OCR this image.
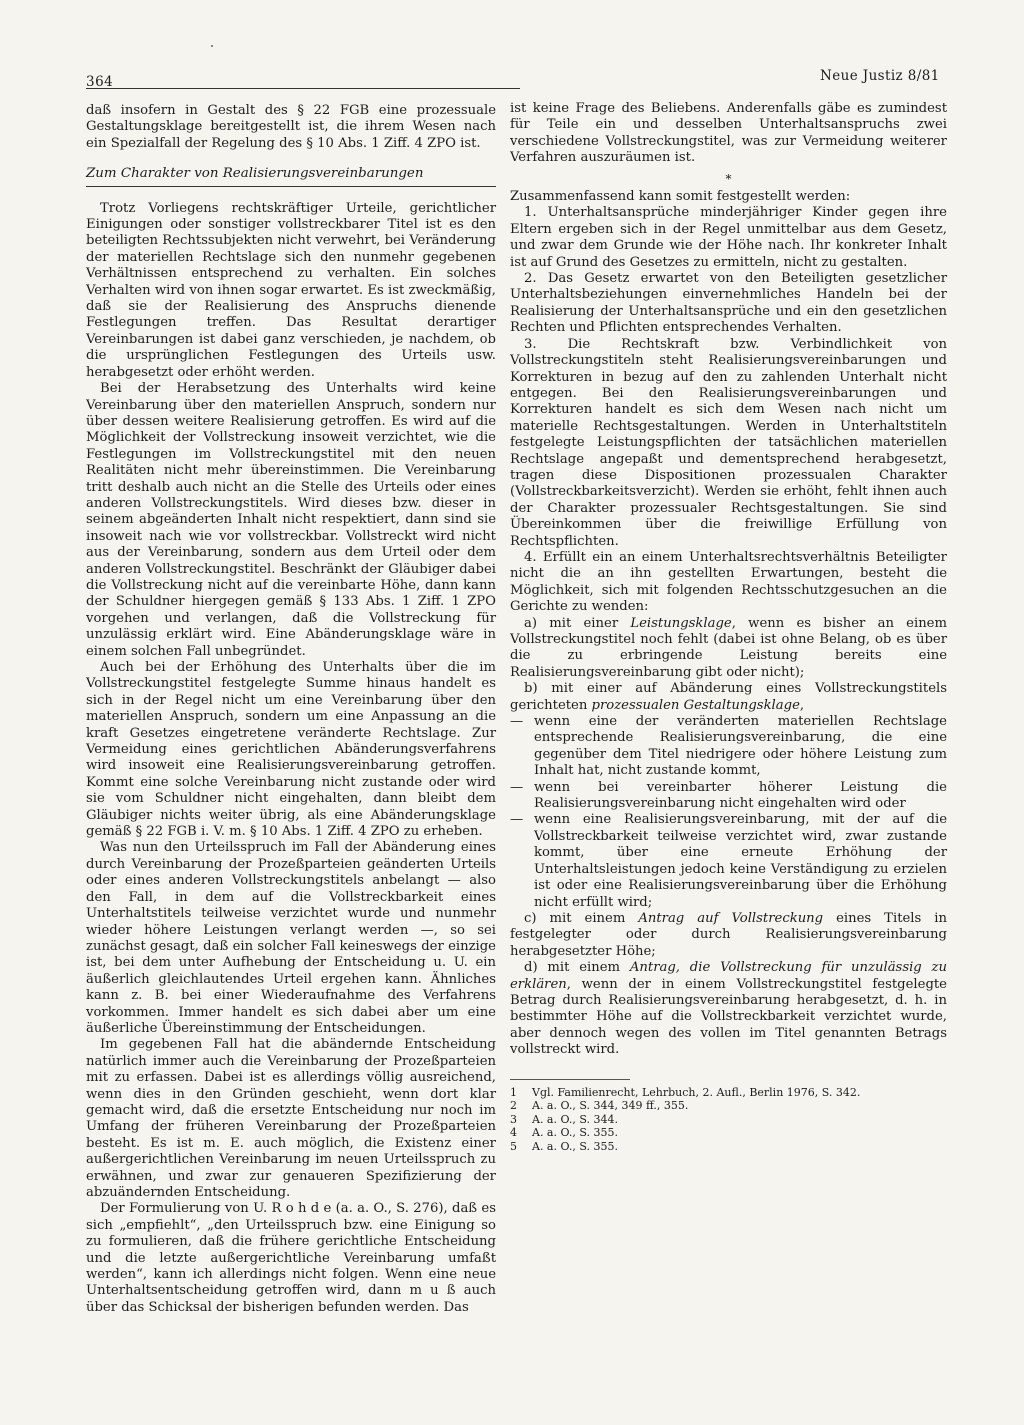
364	Neue Justiz 8/81

daß insofern in Gestalt des § 22 FGB eine prozessuale Gestaltungsklage bereitgestellt ist, die ihrem Wesen nach ein Spezialfall der Regelung des § 10 Abs. 1 Ziff. 4 ZPO ist.

Zum Charakter von Realisierungsvereinbarungen

Trotz Vorliegens rechtskräftiger Urteile, gerichtlicher Einigungen oder sonstiger vollstreckbarer Titel ist es den beteiligten Rechtssubjekten nicht verwehrt, bei Veränderung der materiellen Rechtslage sich den nunmehr gegebenen Verhältnissen entsprechend zu verhalten. Ein solches Verhalten wird von ihnen sogar erwartet. Es ist zweckmäßig, daß sie der Realisierung des Anspruchs dienende Festlegungen treffen. Das Resultat derartiger Vereinbarungen ist dabei ganz verschieden, je nachdem, ob die ursprünglichen Festlegungen des Urteils usw. herabgesetzt oder erhöht werden.

Bei der Herabsetzung des Unterhalts wird keine Vereinbarung über den materiellen Anspruch, sondern nur über dessen weitere Realisierung getroffen. Es wird auf die Möglichkeit der Vollstreckung insoweit verzichtet, wie die Festlegungen im Vollstreckungstitel mit den neuen Realitäten nicht mehr übereinstimmen. Die Vereinbarung tritt deshalb auch nicht an die Stelle des Urteils oder eines anderen Vollstreckungstitels. Wird dieses bzw. dieser in seinem abgeänderten Inhalt nicht respektiert, dann sind sie insoweit nach wie vor vollstreckbar. Vollstreckt wird nicht aus der Vereinbarung, sondern aus dem Urteil oder dem anderen Vollstreckungstitel. Beschränkt der Gläubiger dabei die Vollstreckung nicht auf die vereinbarte Höhe, dann kann der Schuldner hiergegen gemäß § 133 Abs. 1 Ziff. 1 ZPO vorgehen und verlangen, daß die Vollstreckung für unzulässig erklärt wird. Eine Abänderungsklage wäre in einem solchen Fall unbegründet.

Auch bei der Erhöhung des Unterhalts über die im Vollstreckungstitel festgelegte Summe hinaus handelt es sich in der Regel nicht um eine Vereinbarung über den materiellen Anspruch, sondern um eine Anpassung an die kraft Gesetzes eingetretene veränderte Rechtslage. Zur Vermeidung eines gerichtlichen Abänderungsverfahrens wird insoweit eine Realisierungsvereinbarung getroffen. Kommt eine solche Vereinbarung nicht zustande oder wird sie vom Schuldner nicht eingehalten, dann bleibt dem Gläubiger nichts weiter übrig, als eine Abänderungsklage gemäß § 22 FGB i. V. m. § 10 Abs. 1 Ziff. 4 ZPO zu erheben.

Was nun den Urteilsspruch im Fall der Abänderung eines durch Vereinbarung der Prozeßparteien geänderten Urteils oder eines anderen Vollstreckungstitels anbelangt — also den Fall, in dem auf die Vollstreckbarkeit eines Unterhaltstitels teilweise verzichtet wurde und nunmehr wieder höhere Leistungen verlangt werden —, so sei zunächst gesagt, daß ein solcher Fall keineswegs der einzige ist, bei dem unter Aufhebung der Entscheidung u. U. ein äußerlich gleichlautendes Urteil ergehen kann. Ähnliches kann z. B. bei einer Wiederaufnahme des Verfahrens vorkommen. Immer handelt es sich dabei aber um eine äußerliche Übereinstimmung der Entscheidungen.

Im gegebenen Fall hat die abändernde Entscheidung natürlich immer auch die Vereinbarung der Prozeßparteien mit zu erfassen. Dabei ist es allerdings völlig ausreichend, wenn dies in den Gründen geschieht, wenn dort klar gemacht wird, daß die ersetzte Entscheidung nur noch im Umfang der früheren Vereinbarung der Prozeßparteien besteht. Es ist m. E. auch möglich, die Existenz einer außergerichtlichen Vereinbarung im neuen Urteilsspruch zu erwähnen, und zwar zur genaueren Spezifizierung der abzuändernden Entscheidung.

Der Formulierung von U. R o h d e (a. a. O., S. 276), daß es sich „empfiehlt“, „den Urteilsspruch bzw. eine Einigung so zu formulieren, daß die frühere gerichtliche Entscheidung und die letzte außergerichtliche Vereinbarung umfaßt werden“, kann ich allerdings nicht folgen. Wenn eine neue Unterhaltsentscheidung getroffen wird, dann m u ß auch über das Schicksal der bisherigen befunden werden. Das

ist keine Frage des Beliebens. Anderenfalls gäbe es zumindest für Teile ein und desselben Unterhaltsanspruchs zwei verschiedene Vollstreckungstitel, was zur Vermeidung weiterer Verfahren auszuräumen ist.

*

Zusammenfassend kann somit festgestellt werden:

1. Unterhaltsansprüche minderjähriger Kinder gegen ihre Eltern ergeben sich in der Regel unmittelbar aus dem Gesetz, und zwar dem Grunde wie der Höhe nach. Ihr konkreter Inhalt ist auf Grund des Gesetzes zu ermitteln, nicht zu gestalten.

2. Das Gesetz erwartet von den Beteiligten gesetzlicher Unterhaltsbeziehungen einvernehmliches Handeln bei der Realisierung der Unterhaltsansprüche und ein den gesetzlichen Rechten und Pflichten entsprechendes Verhalten.

3. Die Rechtskraft bzw. Verbindlichkeit von Vollstreckungstiteln steht Realisierungsvereinbarungen und Korrekturen in bezug auf den zu zahlenden Unterhalt nicht entgegen. Bei den Realisierungsvereinbarungen und Korrekturen handelt es sich dem Wesen nach nicht um materielle Rechtsgestaltungen. Werden in Unterhaltstiteln festgelegte Leistungspflichten der tatsächlichen materiellen Rechtslage angepaßt und dementsprechend herabgesetzt, tragen diese Dispositionen prozessualen Charakter (Vollstreckbarkeitsverzicht). Werden sie erhöht, fehlt ihnen auch der Charakter prozessualer Rechtsgestaltungen. Sie sind Übereinkommen über die freiwillige Erfüllung von Rechtspflichten.

4. Erfüllt ein an einem Unterhaltsrechtsverhältnis Beteiligter nicht die an ihn gestellten Erwartungen, besteht die Möglichkeit, sich mit folgenden Rechtsschutzgesuchen an die Gerichte zu wenden:

a) mit einer Leistungsklage, wenn es bisher an einem Vollstreckungstitel noch fehlt (dabei ist ohne Belang, ob es über die zu erbringende Leistung bereits eine Realisierungsvereinbarung gibt oder nicht);

b) mit einer auf Abänderung eines Vollstreckungstitels gerichteten prozessualen Gestaltungsklage,

— wenn eine der veränderten materiellen Rechtslage entsprechende Realisierungsvereinbarung, die eine gegenüber dem Titel niedrigere oder höhere Leistung zum Inhalt hat, nicht zustande kommt,
— wenn bei vereinbarter höherer Leistung die Realisierungsvereinbarung nicht eingehalten wird oder
— wenn eine Realisierungsvereinbarung, mit der auf die Vollstreckbarkeit teilweise verzichtet wird, zwar zustande kommt, über eine erneute Erhöhung der Unterhaltsleistungen jedoch keine Verständigung zu erzielen ist oder eine Realisierungsvereinbarung über die Erhöhung nicht erfüllt wird;

c) mit einem Antrag auf Vollstreckung eines Titels in festgelegter oder durch Realisierungsvereinbarung herabgesetzter Höhe;

d) mit einem Antrag, die Vollstreckung für unzulässig zu erklären, wenn der in einem Vollstreckungstitel festgelegte Betrag durch Realisierungsvereinbarung herabgesetzt, d. h. in bestimmter Höhe auf die Vollstreckbarkeit verzichtet wurde, aber dennoch wegen des vollen im Titel genannten Betrags vollstreckt wird.

1	Vgl. Familienrecht, Lehrbuch, 2. Aufl., Berlin 1976, S. 342.
2	A. a. O., S. 344, 349 ff., 355.
3	A. a. O., S. 344.
4	A. a. O., S. 355.
5	A. a. O., S. 355.
